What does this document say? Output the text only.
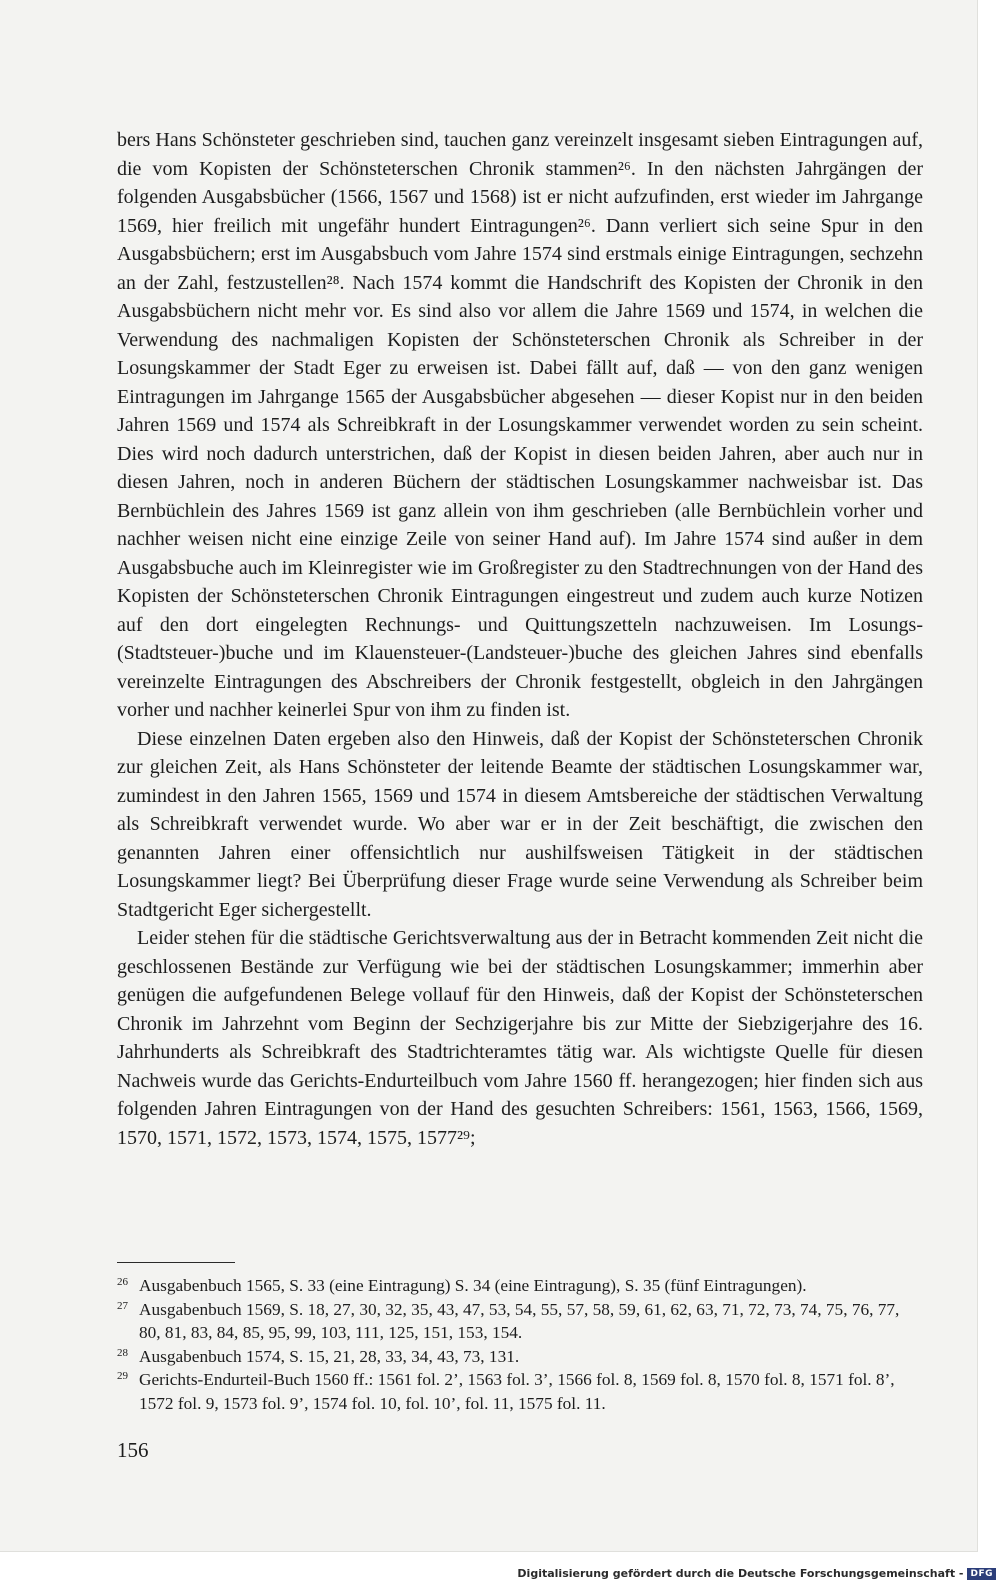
bers Hans Schönsteter geschrieben sind, tauchen ganz vereinzelt insgesamt sieben Eintragungen auf, die vom Kopisten der Schönsteterschen Chronik stammen²⁶. In den nächsten Jahrgängen der folgenden Ausgabsbücher (1566, 1567 und 1568) ist er nicht aufzufinden, erst wieder im Jahrgange 1569, hier freilich mit ungefähr hundert Eintragungen²⁶. Dann verliert sich seine Spur in den Ausgabsbüchern; erst im Ausgabsbuch vom Jahre 1574 sind erstmals einige Eintragungen, sechzehn an der Zahl, festzustellen²⁸. Nach 1574 kommt die Handschrift des Kopisten der Chronik in den Ausgabsbüchern nicht mehr vor. Es sind also vor allem die Jahre 1569 und 1574, in welchen die Verwendung des nachmaligen Kopisten der Schönsteterschen Chronik als Schreiber in der Losungskammer der Stadt Eger zu erweisen ist. Dabei fällt auf, daß — von den ganz wenigen Eintragungen im Jahrgange 1565 der Ausgabsbücher abgesehen — dieser Kopist nur in den beiden Jahren 1569 und 1574 als Schreibkraft in der Losungskammer verwendet worden zu sein scheint. Dies wird noch dadurch unterstrichen, daß der Kopist in diesen beiden Jahren, aber auch nur in diesen Jahren, noch in anderen Büchern der städtischen Losungskammer nachweisbar ist. Das Bernbüchlein des Jahres 1569 ist ganz allein von ihm geschrieben (alle Bernbüchlein vorher und nachher weisen nicht eine einzige Zeile von seiner Hand auf). Im Jahre 1574 sind außer in dem Ausgabsbuche auch im Kleinregister wie im Großregister zu den Stadtrechnungen von der Hand des Kopisten der Schönsteterschen Chronik Eintragungen eingestreut und zudem auch kurze Notizen auf den dort eingelegten Rechnungs- und Quittungszetteln nachzuweisen. Im Losungs-(Stadtsteuer-)buche und im Klauensteuer-(Landsteuer-)buche des gleichen Jahres sind ebenfalls vereinzelte Eintragungen des Abschreibers der Chronik festgestellt, obgleich in den Jahrgängen vorher und nachher keinerlei Spur von ihm zu finden ist.

Diese einzelnen Daten ergeben also den Hinweis, daß der Kopist der Schönsteterschen Chronik zur gleichen Zeit, als Hans Schönsteter der leitende Beamte der städtischen Losungskammer war, zumindest in den Jahren 1565, 1569 und 1574 in diesem Amtsbereiche der städtischen Verwaltung als Schreibkraft verwendet wurde. Wo aber war er in der Zeit beschäftigt, die zwischen den genannten Jahren einer offensichtlich nur aushilfsweisen Tätigkeit in der städtischen Losungskammer liegt? Bei Überprüfung dieser Frage wurde seine Verwendung als Schreiber beim Stadtgericht Eger sichergestellt.

Leider stehen für die städtische Gerichtsverwaltung aus der in Betracht kommenden Zeit nicht die geschlossenen Bestände zur Verfügung wie bei der städtischen Losungskammer; immerhin aber genügen die aufgefundenen Belege vollauf für den Hinweis, daß der Kopist der Schönsteterschen Chronik im Jahrzehnt vom Beginn der Sechzigerjahre bis zur Mitte der Siebzigerjahre des 16. Jahrhunderts als Schreibkraft des Stadtrichteramtes tätig war. Als wichtigste Quelle für diesen Nachweis wurde das Gerichts-Endurteilbuch vom Jahre 1560 ff. herangezogen; hier finden sich aus folgenden Jahren Eintragungen von der Hand des gesuchten Schreibers: 1561, 1563, 1566, 1569, 1570, 1571, 1572, 1573, 1574, 1575, 1577²⁹;

26 Ausgabenbuch 1565, S. 33 (eine Eintragung) S. 34 (eine Eintragung), S. 35 (fünf Eintragungen).
27 Ausgabenbuch 1569, S. 18, 27, 30, 32, 35, 43, 47, 53, 54, 55, 57, 58, 59, 61, 62, 63, 71, 72, 73, 74, 75, 76, 77, 80, 81, 83, 84, 85, 95, 99, 103, 111, 125, 151, 153, 154.
28 Ausgabenbuch 1574, S. 15, 21, 28, 33, 34, 43, 73, 131.
29 Gerichts-Endurteil-Buch 1560 ff.: 1561 fol. 2’, 1563 fol. 3’, 1566 fol. 8, 1569 fol. 8, 1570 fol. 8, 1571 fol. 8’, 1572 fol. 9, 1573 fol. 9’, 1574 fol. 10, fol. 10’, fol. 11, 1575 fol. 11.
156
Digitalisierung gefördert durch die Deutsche Forschungsgemeinschaft - DFG
